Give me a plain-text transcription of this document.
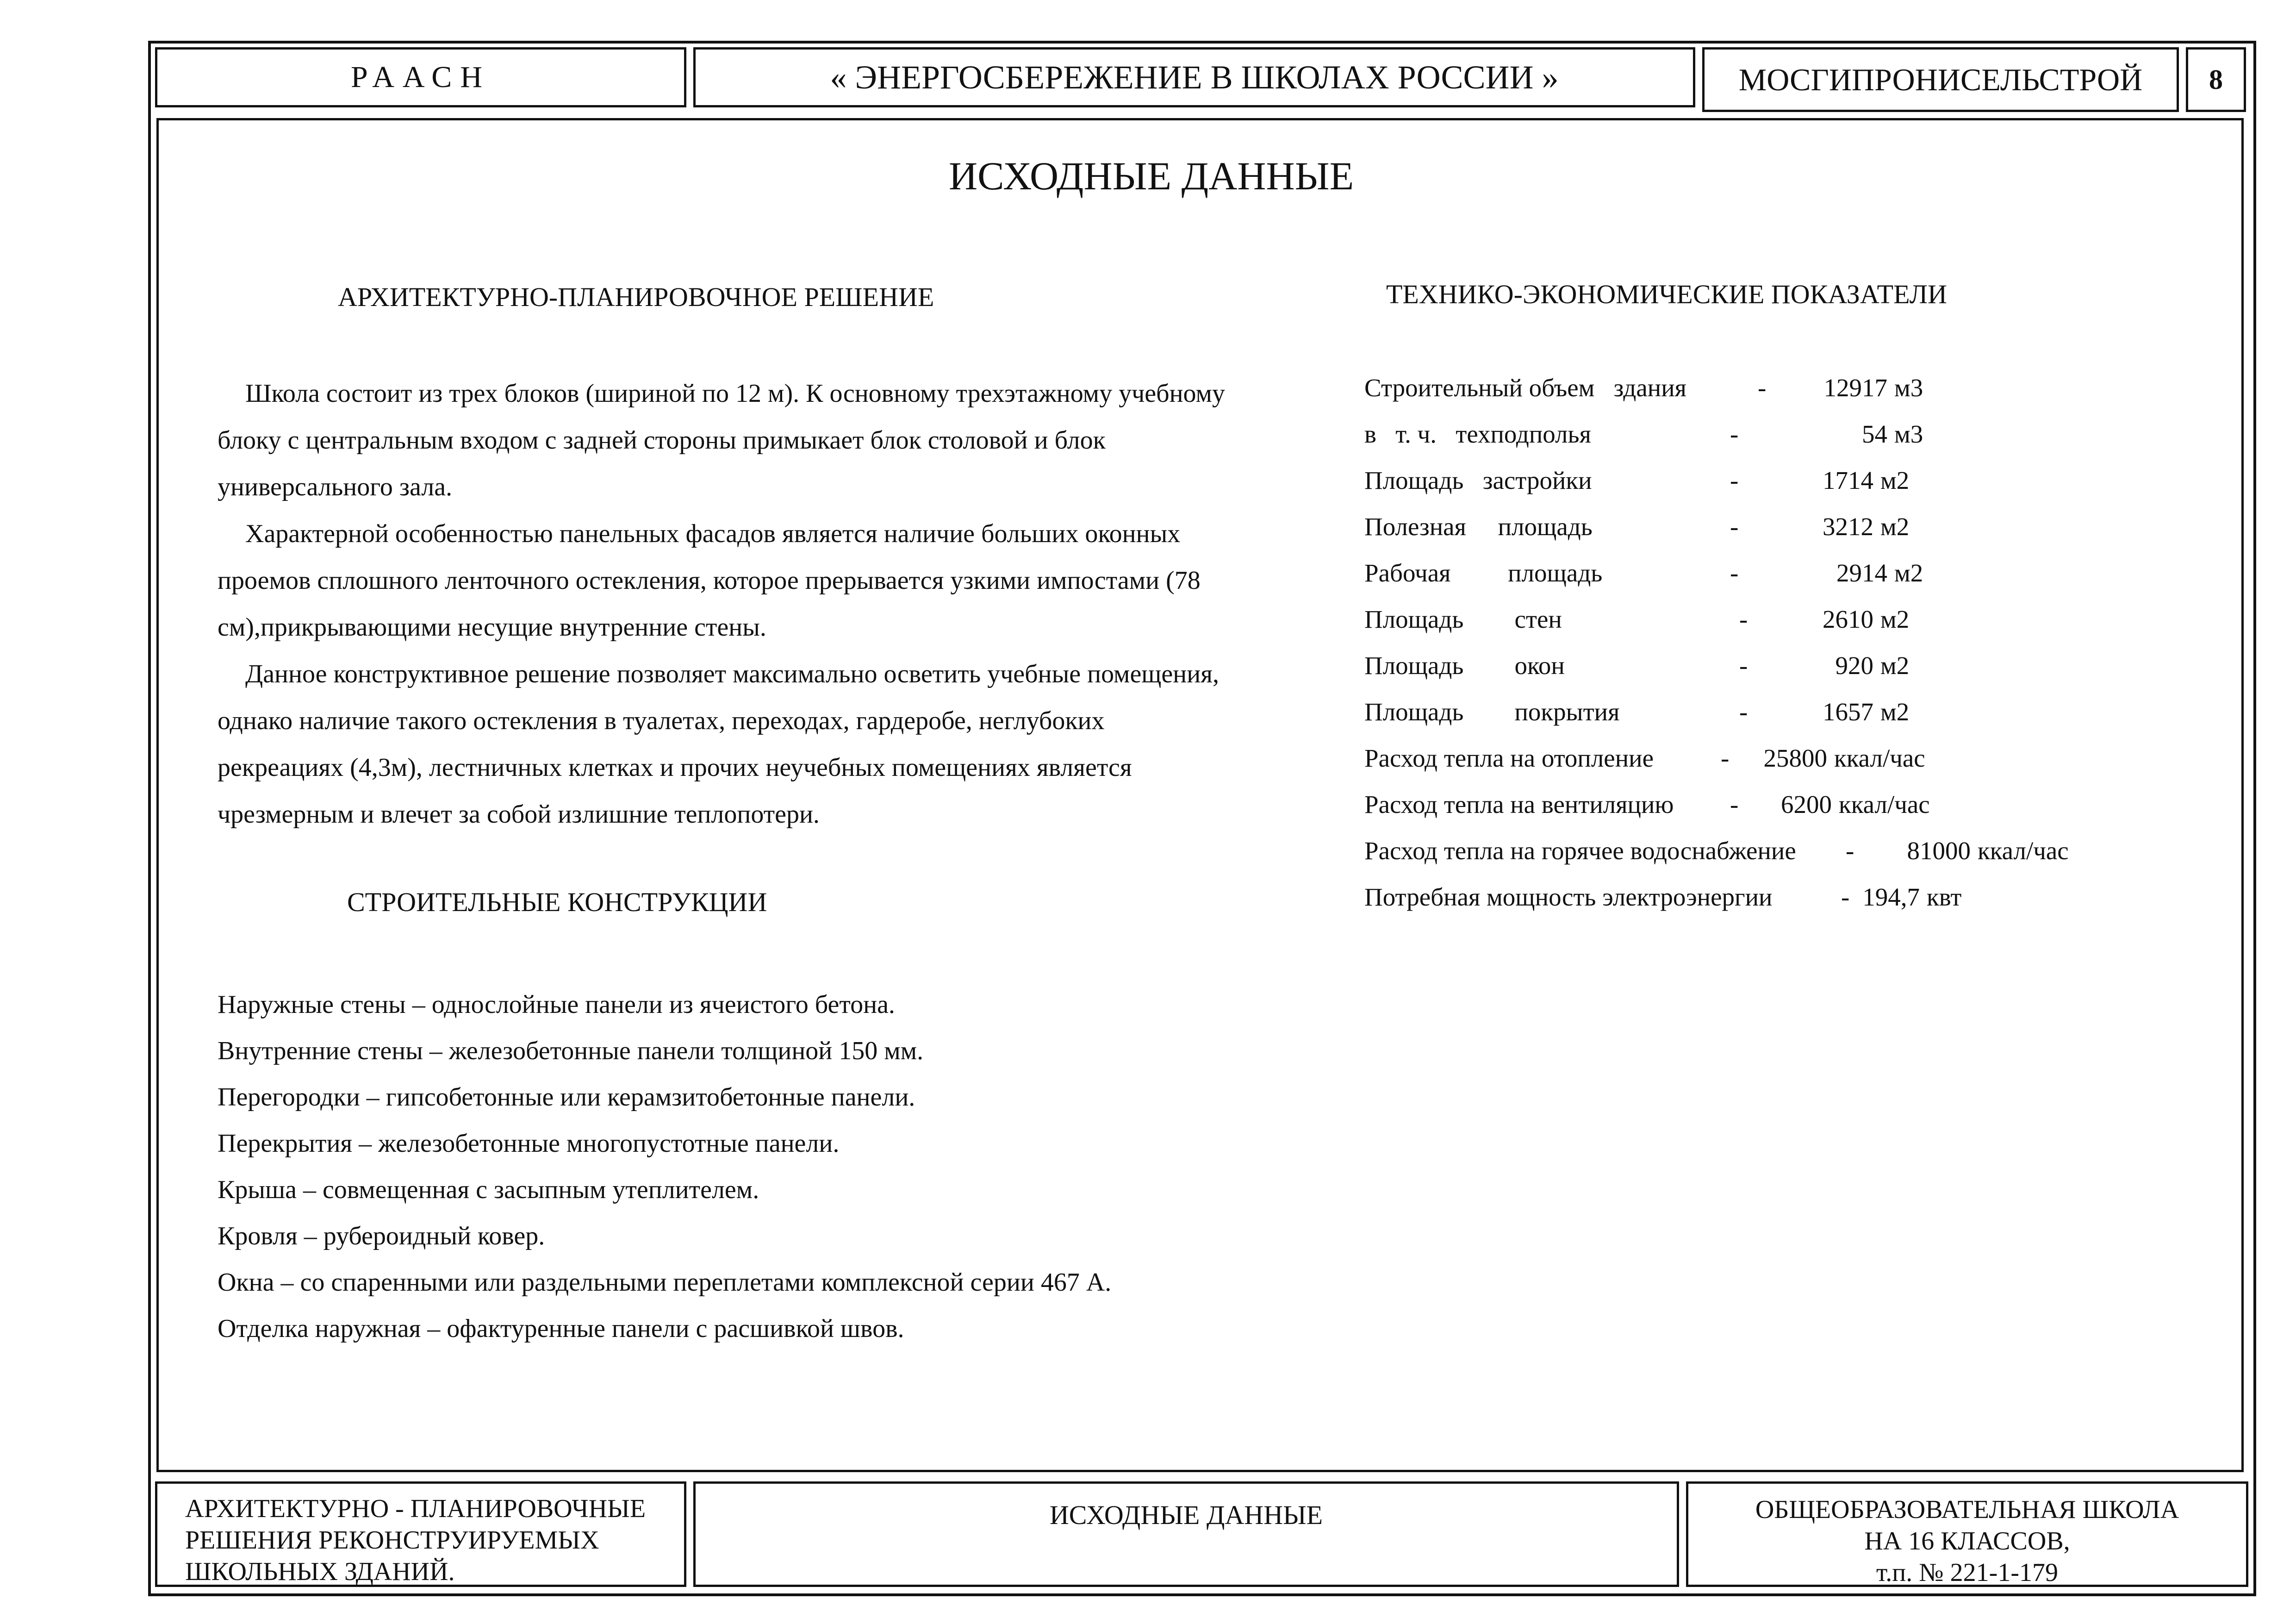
РААСН	« ЭНЕРГОСБЕРЕЖЕНИЕ В ШКОЛАХ РОССИИ »	МОСГИПРОНИСЕЛЬСТРОЙ 8
ИСХОДНЫЕ ДАННЫЕ
АРХИТЕКТУРНО-ПЛАНИРОВОЧНОЕ РЕШЕНИЕ

Школа состоит из трех блоков (шириной по 12 м). К основному трехэтажному учебному блоку с центральным входом с задней стороны примыкает блок столовой и блок универсального зала.

Характерной особенностью панельных фасадов является наличие больших оконных проемов сплошного ленточного остекления, которое прерывается узкими импостами (78 см),прикрывающими несущие внутренние стены.

Данное конструктивное решение позволяет максимально осветить учебные помещения, однако наличие такого остекления в туалетах, переходах, гардеробе, неглубоких рекреациях (4,3м), лестничных клетках и прочих неучебных помещениях является чрезмерным и влечет за собой излишние теплопотери.

ТЕХНИКО-ЭКОНОМИЧЕСКИЕ ПОКАЗАТЕЛИ
Строительный объем   здания	- 12917 м3
в   т. ч.   техподполья	-	54 м3
Площадь   застройки	-	1714 м2
Полезная     площадь	-	3212 м2
Рабочая         площадь	-	2914 м2
Площадь        стен	-	2610 м2
Площадь        окон	-	920 м2
Площадь        покрытия	-	1657 м2
Расход тепла на отопление	- 25800 ккал/час
Расход тепла на вентиляцию - 6200 ккал/час
Расход тепла на горячее водоснабжение - 81000 ккал/час
Потребная мощность электроэнергии	- 194,7 квт
СТРОИТЕЛЬНЫЕ КОНСТРУКЦИИ
Наружные стены – однослойные панели из ячеистого бетона.
Внутренние стены – железобетонные панели толщиной 150 мм.
Перегородки – гипсобетонные или керамзитобетонные панели.
Перекрытия – железобетонные многопустотные панели.
Крыша – совмещенная с засыпным утеплителем.
Кровля – рубероидный ковер.
Окна – со спаренными или раздельными переплетами комплексной серии 467 А.
Отделка наружная – офактуренные панели с расшивкой швов.
АРХИТЕКТУРНО - ПЛАНИРОВОЧНЫЕ
РЕШЕНИЯ РЕКОНСТРУИРУЕМЫХ
ШКОЛЬНЫХ ЗДАНИЙ.
ИСХОДНЫЕ ДАННЫЕ	ОБЩЕОБРАЗОВАТЕЛЬНАЯ ШКОЛА
НА 16 КЛАССОВ,
т.п. № 221-1-179
